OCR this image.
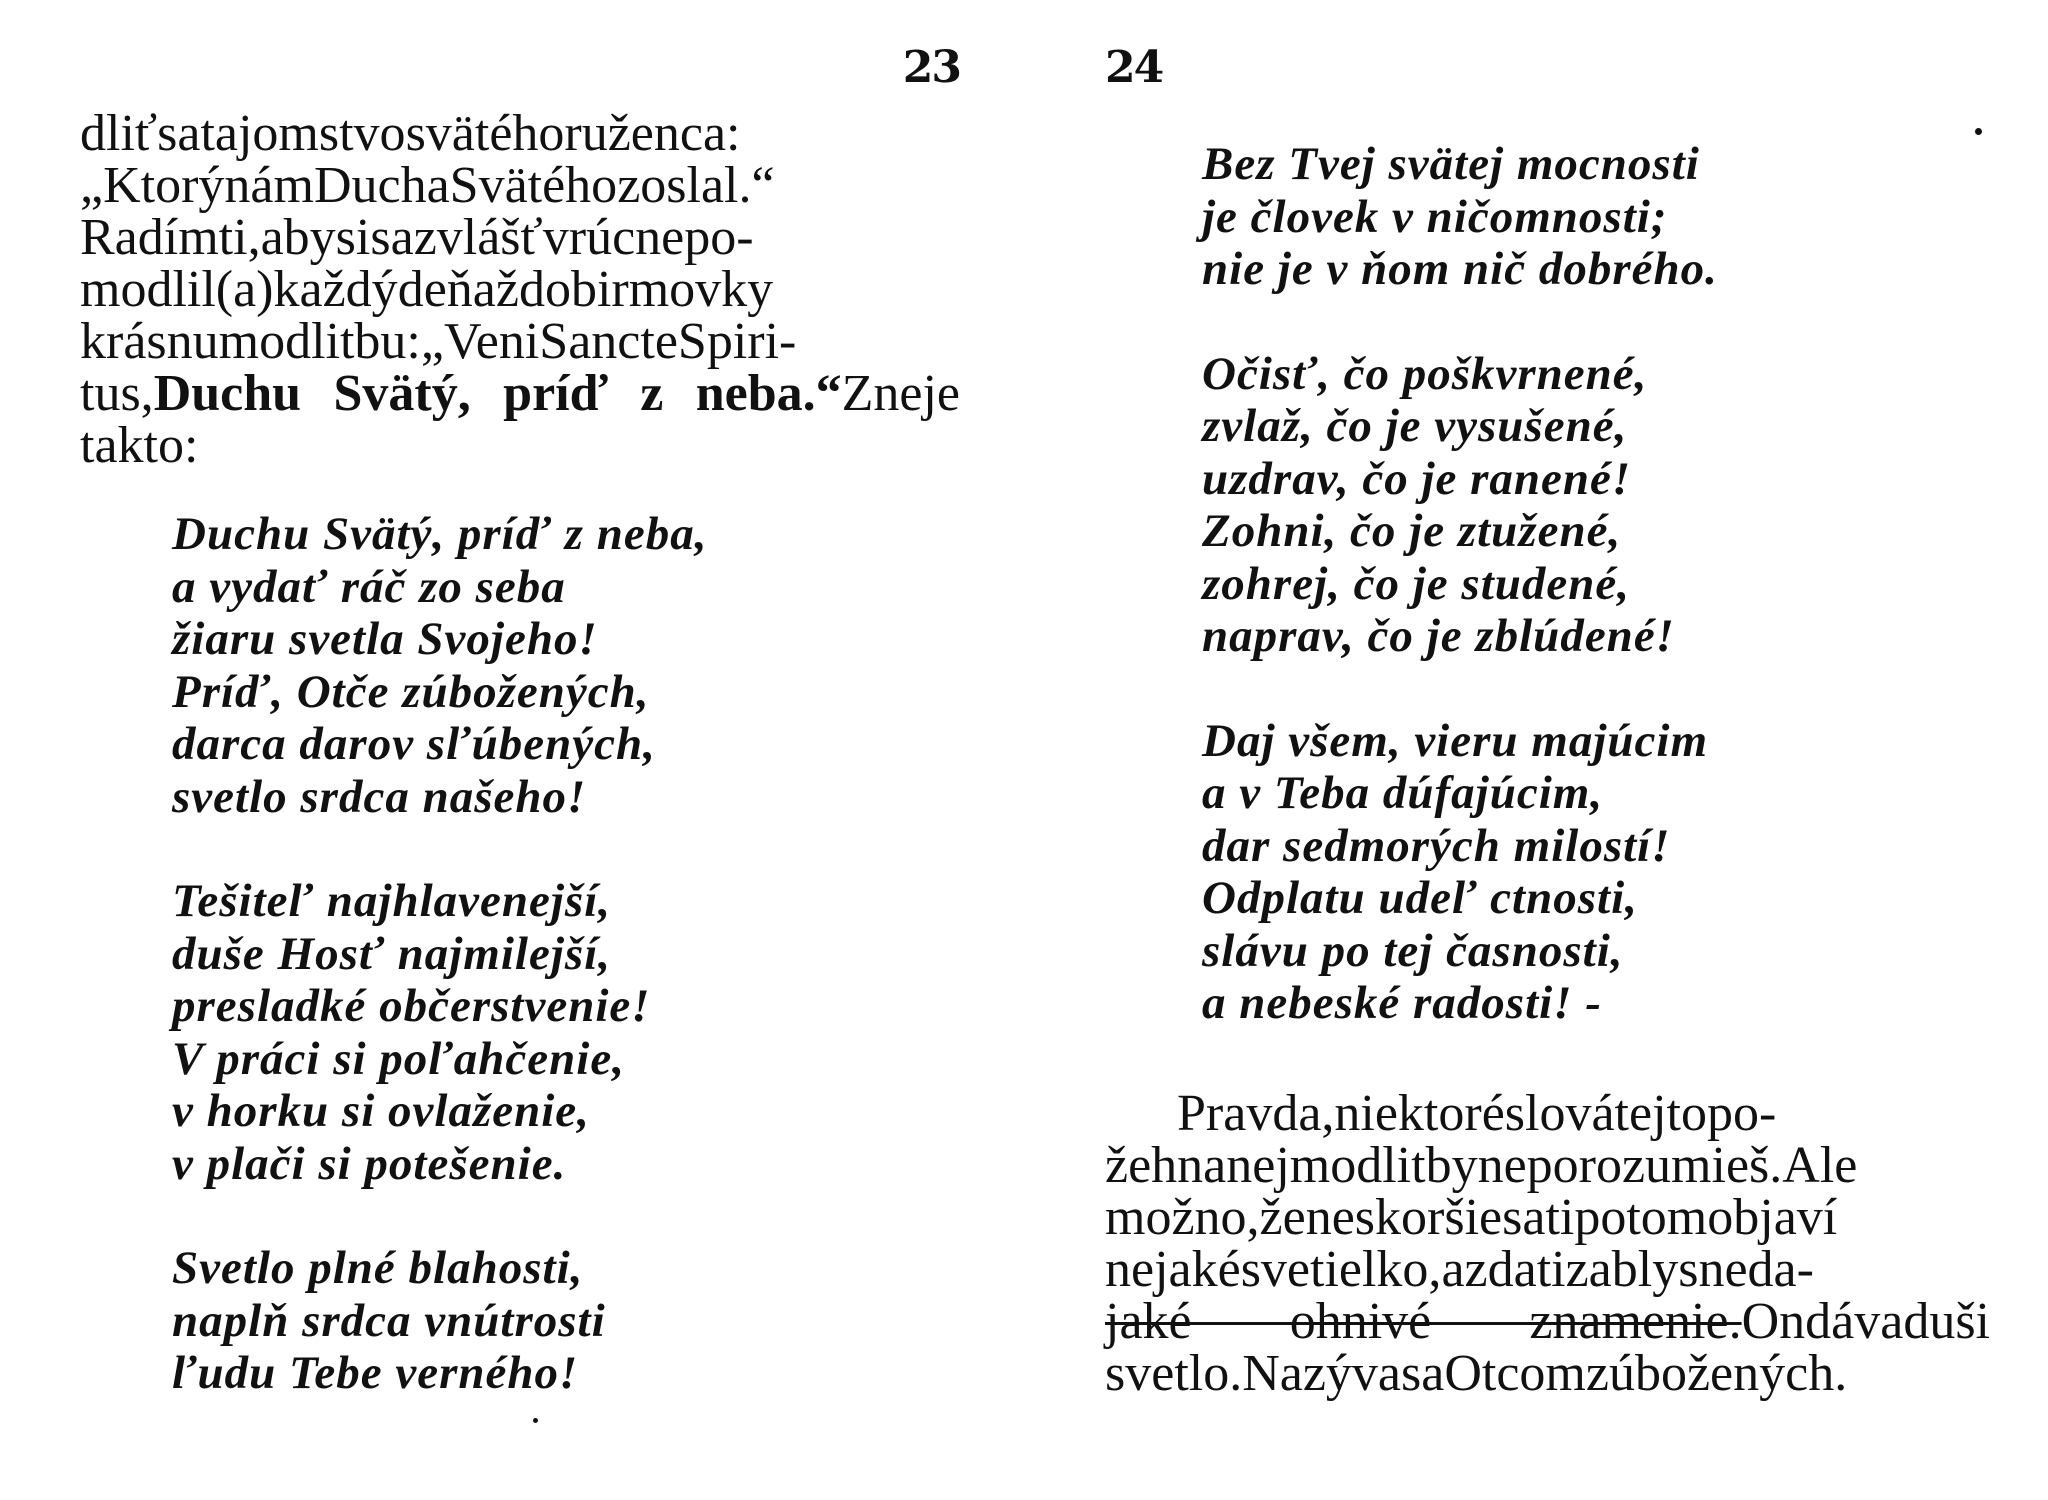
23
dliťsatajomstvosvätéhoruženca:
„KtorýnámDuchaSvätéhozoslal.“
Radímti,abysisazvlášťvrúcnepo-
modlil(a)každýdeňaždobirmovky
krásnumodlitbu:„VeniSancteSpiri-
tus,Duchu Svätý, príď z neba.“Zneje
takto:
Duchu Svätý, príď z neba,
a vydať ráč zo seba
žiaru svetla Svojeho!
Príď, Otče zúbožených,
darca darov sľúbených,
svetlo srdca našeho!
Tešiteľ najhlavenejší,
duše Hosť najmilejší,
presladké občerstvenie!
V práci si poľahčenie,
v horku si ovlaženie,
v plači si potešenie.
Svetlo plné blahosti,
naplň srdca vnútrosti
ľudu Tebe verného!
24
Bez Tvej svätej mocnosti
je človek v ničomnosti;
nie je v ňom nič dobrého.
Očisť, čo poškvrnené,
zvlaž, čo je vysušené,
uzdrav, čo je ranené!
Zohni, čo je ztužené,
zohrej, čo je studené,
naprav, čo je zblúdené!
Daj všem, vieru majúcim
a v Teba dúfajúcim,
dar sedmorých milostí!
Odplatu udeľ ctnosti,
slávu po tej časnosti,
a nebeské radosti! -
Pravda,niektoréslovátejtopo-
žehnanejmodlitbyneporozumieš.Ale
možno,ženeskoršiesatipotomobjaví
nejakésvetielko,azdatizablysneda-
jaké ohnivé znamenie.Ondávaduši
svetlo.NazývasaOtcomzúbožených.
